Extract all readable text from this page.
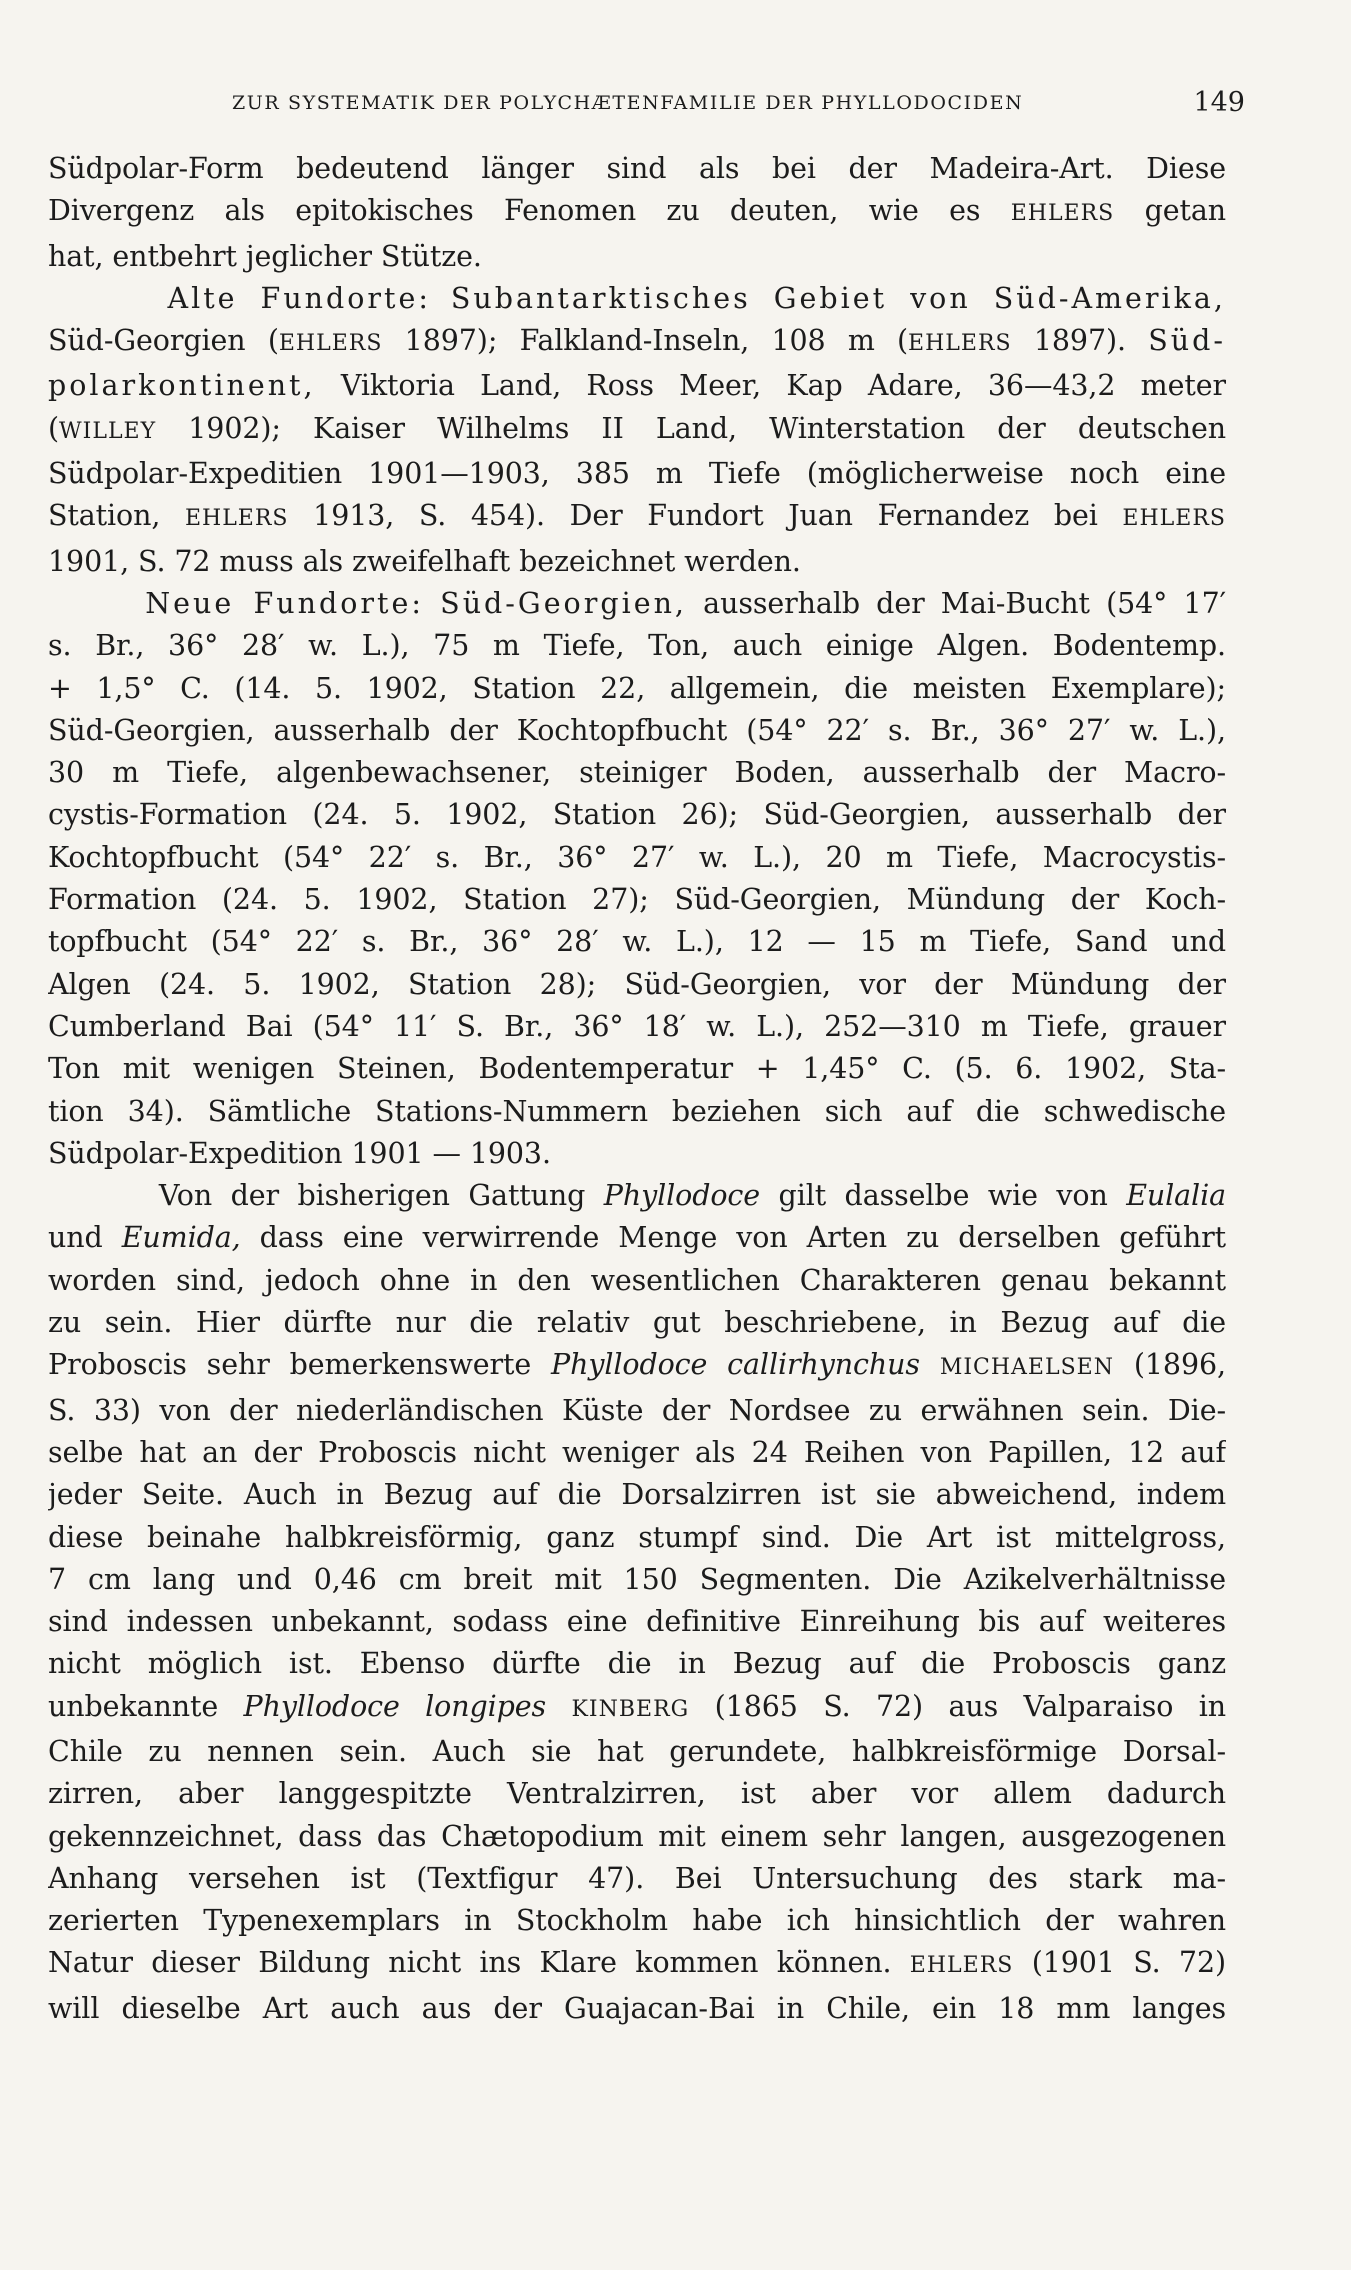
ZUR SYSTEMATIK DER POLYCHÆTENFAMILIE DER PHYLLODOCIDEN	149
Südpolar-Form bedeutend länger sind als bei der Madeira-Art. Diese
Divergenz als epitokisches Fenomen zu deuten, wie es EHLERS getan
hat, entbehrt jeglicher Stütze.
Alte Fundorte: Subantarktisches Gebiet von Süd-Amerika,
Süd-Georgien (EHLERS 1897); Falkland-Inseln, 108 m (EHLERS 1897). Süd-
polarkontinent, Viktoria Land, Ross Meer, Kap Adare, 36—43,2 meter
(WILLEY 1902); Kaiser Wilhelms II Land, Winterstation der deutschen
Südpolar-Expeditien 1901—1903, 385 m Tiefe (möglicherweise noch eine
Station, EHLERS 1913, S. 454). Der Fundort Juan Fernandez bei EHLERS
1901, S. 72 muss als zweifelhaft bezeichnet werden.
Neue Fundorte: Süd-Georgien, ausserhalb der Mai-Bucht (54° 17′
s. Br., 36° 28′ w. L.), 75 m Tiefe, Ton, auch einige Algen. Bodentemp.
+ 1,5° C. (14. 5. 1902, Station 22, allgemein, die meisten Exemplare);
Süd-Georgien, ausserhalb der Kochtopfbucht (54° 22′ s. Br., 36° 27′ w. L.),
30 m Tiefe, algenbewachsener, steiniger Boden, ausserhalb der Macro-
cystis-Formation (24. 5. 1902, Station 26); Süd-Georgien, ausserhalb der
Kochtopfbucht (54° 22′ s. Br., 36° 27′ w. L.), 20 m Tiefe, Macrocystis-
Formation (24. 5. 1902, Station 27); Süd-Georgien, Mündung der Koch-
topfbucht (54° 22′ s. Br., 36° 28′ w. L.), 12 — 15 m Tiefe, Sand und
Algen (24. 5. 1902, Station 28); Süd-Georgien, vor der Mündung der
Cumberland Bai (54° 11′ S. Br., 36° 18′ w. L.), 252—310 m Tiefe, grauer
Ton mit wenigen Steinen, Bodentemperatur + 1,45° C. (5. 6. 1902, Sta-
tion 34). Sämtliche Stations-Nummern beziehen sich auf die schwedische
Südpolar-Expedition 1901 — 1903.
Von der bisherigen Gattung Phyllodoce gilt dasselbe wie von Eulalia
und Eumida, dass eine verwirrende Menge von Arten zu derselben geführt
worden sind, jedoch ohne in den wesentlichen Charakteren genau bekannt
zu sein. Hier dürfte nur die relativ gut beschriebene, in Bezug auf die
Proboscis sehr bemerkenswerte Phyllodoce callirhynchus MICHAELSEN (1896,
S. 33) von der niederländischen Küste der Nordsee zu erwähnen sein. Die-
selbe hat an der Proboscis nicht weniger als 24 Reihen von Papillen, 12 auf
jeder Seite. Auch in Bezug auf die Dorsalzirren ist sie abweichend, indem
diese beinahe halbkreisförmig, ganz stumpf sind. Die Art ist mittelgross,
7 cm lang und 0,46 cm breit mit 150 Segmenten. Die Azikelverhältnisse
sind indessen unbekannt, sodass eine definitive Einreihung bis auf weiteres
nicht möglich ist. Ebenso dürfte die in Bezug auf die Proboscis ganz
unbekannte Phyllodoce longipes KINBERG (1865 S. 72) aus Valparaiso in
Chile zu nennen sein. Auch sie hat gerundete, halbkreisförmige Dorsal-
zirren, aber langgespitzte Ventralzirren, ist aber vor allem dadurch
gekennzeichnet, dass das Chætopodium mit einem sehr langen, ausgezogenen
Anhang versehen ist (Textfigur 47). Bei Untersuchung des stark ma-
zerierten Typenexemplars in Stockholm habe ich hinsichtlich der wahren
Natur dieser Bildung nicht ins Klare kommen können. EHLERS (1901 S. 72)
will dieselbe Art auch aus der Guajacan-Bai in Chile, ein 18 mm langes
